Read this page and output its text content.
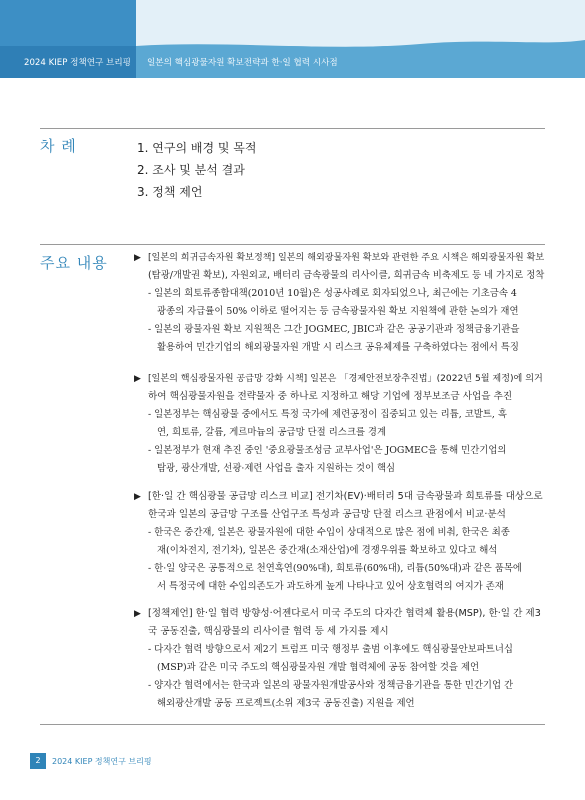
2024 KIEP 정책연구 브리핑 일본의 핵심광물자원 확보전략과 한·일 협력 시사점
차 례	1. 연구의 배경 및 목적
2. 조사 및 분석 결과
3. 정책 제언
주요 내용	▶ [일본의 희귀금속자원 확보정책] 일본의 해외광물자원 확보와 관련한 주요 시책은 해외광물자원 확보
(탐광/개발권 확보), 자원외교, 배터리 금속광물의 리사이클, 희귀금속 비축제도 등 네 가지로 정착
- 일본의 희토류종합대책(2010년 10월)은 성공사례로 회자되었으나, 최근에는 기초금속 4
광종의 자급률이 50% 이하로 떨어지는 등 금속광물자원 확보 지원책에 관한 논의가 재연
- 일본의 광물자원 확보 지원책은 그간 JOGMEC, JBIC과 같은 공공기관과 정책금융기관을
활용하여 민간기업의 해외광물자원 개발 시 리스크 공유체제를 구축하였다는 점에서 특징
▶ [일본의 핵심광물자원 공급망 강화 시책] 일본은 「경제안전보장추진법」(2022년 5월 제정)에 의거
하여 핵심광물자원을 전략물자 중 하나로 지정하고 해당 기업에 정부보조금 사업을 추진
- 일본정부는 핵심광물 중에서도 특정 국가에 제련공정이 집중되고 있는 리튬, 코발트, 흑
연, 희토류, 갈륨, 게르마늄의 공급망 단절 리스크를 경계
- 일본정부가 현재 추진 중인 '중요광물조성금 교부사업'은 JOGMEC을 통해 민간기업의
탐광, 광산개발, 선광·제련 사업을 출자 지원하는 것이 핵심
▶ [한·일 간 핵심광물 공급망 리스크 비교] 전기차(EV)·배터리 5대 금속광물과 희토류를 대상으로
한국과 일본의 공급망 구조를 산업구조 특성과 공급망 단절 리스크 관점에서 비교·분석
- 한국은 중간재, 일본은 광물자원에 대한 수입이 상대적으로 많은 점에 비춰, 한국은 최종
재(이차전지, 전기차), 일본은 중간재(소재산업)에 경쟁우위를 확보하고 있다고 해석
- 한·일 양국은 공통적으로 천연흑연(90%대), 희토류(60%대), 리튬(50%대)과 같은 품목에
서 특정국에 대한 수입의존도가 과도하게 높게 나타나고 있어 상호협력의 여지가 존재
▶ [정책제언] 한·일 협력 방향성·어젠다로서 미국 주도의 다자간 협력체 활용(MSP), 한·일 간 제3
국 공동진출, 핵심광물의 리사이클 협력 등 세 가지를 제시
- 다자간 협력 방향으로서 제2기 트럼프 미국 행정부 출범 이후에도 핵심광물안보파트너십
(MSP)과 같은 미국 주도의 핵심광물자원 개발 협력체에 공동 참여할 것을 제언
- 양자간 협력에서는 한국과 일본의 광물자원개발공사와 정책금융기관을 통한 민간기업 간
해외광산개발 공동 프로젝트(소위 제3국 공동진출) 지원을 제언
2	2024 KIEP 정책연구 브리핑
